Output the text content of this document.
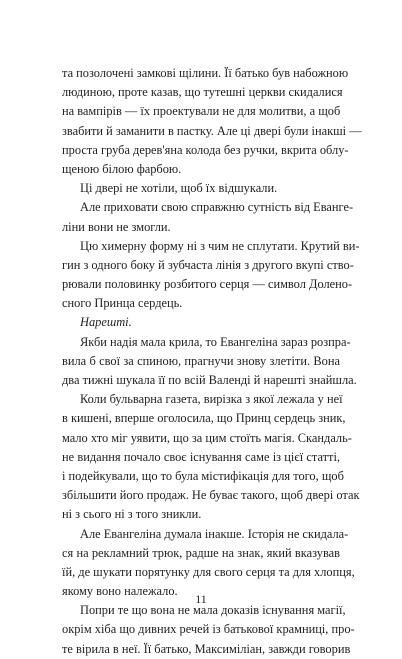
та позолочені замкові щілини. Її батько був набожною
людиною, проте казав, що тутешні церкви скидалися
на вампірів — їх проектували не для молитви, а щоб
звабити й заманити в пастку. Але ці двері були інакші —
проста груба дерев'яна колода без ручки, вкрита облу-
щеною білою фарбою.
Ці двері не хотіли, щоб їх відшукали.
Але приховати свою справжню сутність від Еванге-
ліни вони не змогли.
Цю химерну форму ні з чим не сплутати. Крутий ви-
гин з одного боку й зубчаста лінія з другого вкупі ство-
рювали половинку розбитого серця — символ Долено-
сного Принца сердець.
Нарешті.
Якби надія мала крила, то Евангеліна зараз розпра-
вила б свої за спиною, прагнучи знову злетіти. Вона
два тижні шукала її по всій Валенді й нарешті знайшла.
Коли бульварна газета, вирізка з якої лежала у неї
в кишені, вперше оголосила, що Принц сердець зник,
мало хто міг уявити, що за цим стоїть магія. Скандаль-
не видання почало своє існування саме із цієї статті,
і подейкували, що то була містифікація для того, щоб
збільшити його продаж. Не буває такого, щоб двері отак
ні з сього ні з того зникли.
Але Евангеліна думала інакше. Історія не скидала-
ся на рекламний трюк, радше на знак, який вказував
їй, де шукати порятунку для свого серця та для хлопця,
якому воно належало.
Попри те що вона не мала доказів існування магії,
окрім хіба що дивних речей із батькової крамниці, про-
те вірила в неї. Її батько, Максиміліан, завжди говорив
11
